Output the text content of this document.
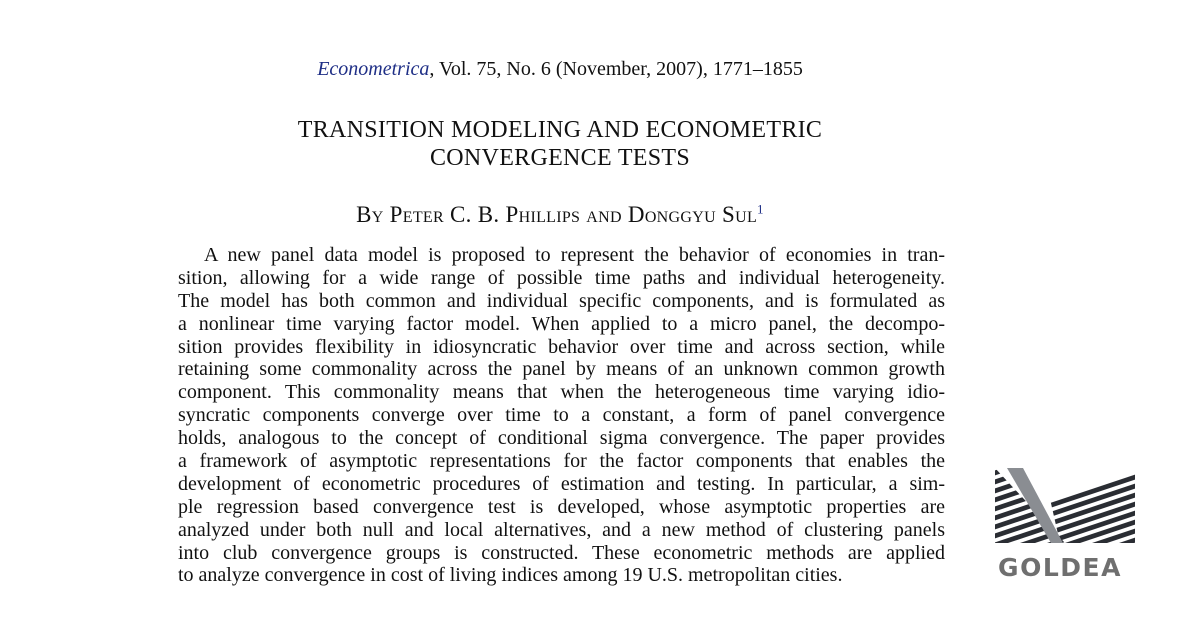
Econometrica, Vol. 75, No. 6 (November, 2007), 1771–1855
TRANSITION MODELING AND ECONOMETRIC
CONVERGENCE TESTS
By Peter C. B. Phillips and Donggyu Sul$^1$
A new panel data model is proposed to represent the behavior of economies in tran-
sition, allowing for a wide range of possible time paths and individual heterogeneity.
The model has both common and individual specific components, and is formulated as
a nonlinear time varying factor model. When applied to a micro panel, the decompo-
sition provides flexibility in idiosyncratic behavior over time and across section, while
retaining some commonality across the panel by means of an unknown common growth
component. This commonality means that when the heterogeneous time varying idio-
syncratic components converge over time to a constant, a form of panel convergence
holds, analogous to the concept of conditional sigma convergence. The paper provides
a framework of asymptotic representations for the factor components that enables the
development of econometric procedures of estimation and testing. In particular, a sim-
ple regression based convergence test is developed, whose asymptotic properties are
analyzed under both null and local alternatives, and a new method of clustering panels
into club convergence groups is constructed. These econometric methods are applied
to analyze convergence in cost of living indices among 19 U.S. metropolitan cities.	GOLDEA
